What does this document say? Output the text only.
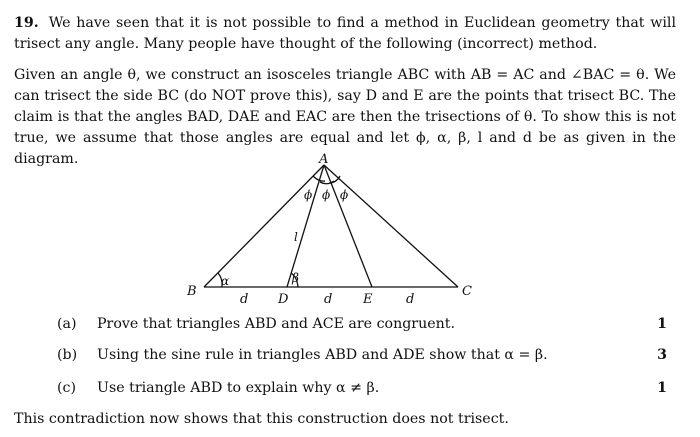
19. We have seen that it is not possible to find a method in Euclidean geometry that will trisect any angle. Many people have thought of the following (incorrect) method.
Given an angle θ, we construct an isosceles triangle ABC with AB = AC and ∠BAC = θ. We can trisect the side BC (do NOT prove this), say D and E are the points that trisect BC. The claim is that the angles BAD, DAE and EAC are then the trisections of θ. To show this is not true, we assume that those angles are equal and let ϕ, α, β, l and d be as given in the diagram.	A
B	C
D	E
ϕ ϕ ϕ
α	β
l
d	d	d
(a) Prove that triangles ABD and ACE are congruent.	1
(b) Using the sine rule in triangles ABD and ADE show that α = β.	3
(c) Use triangle ABD to explain why α ≠ β.	1
This contradiction now shows that this construction does not trisect.
